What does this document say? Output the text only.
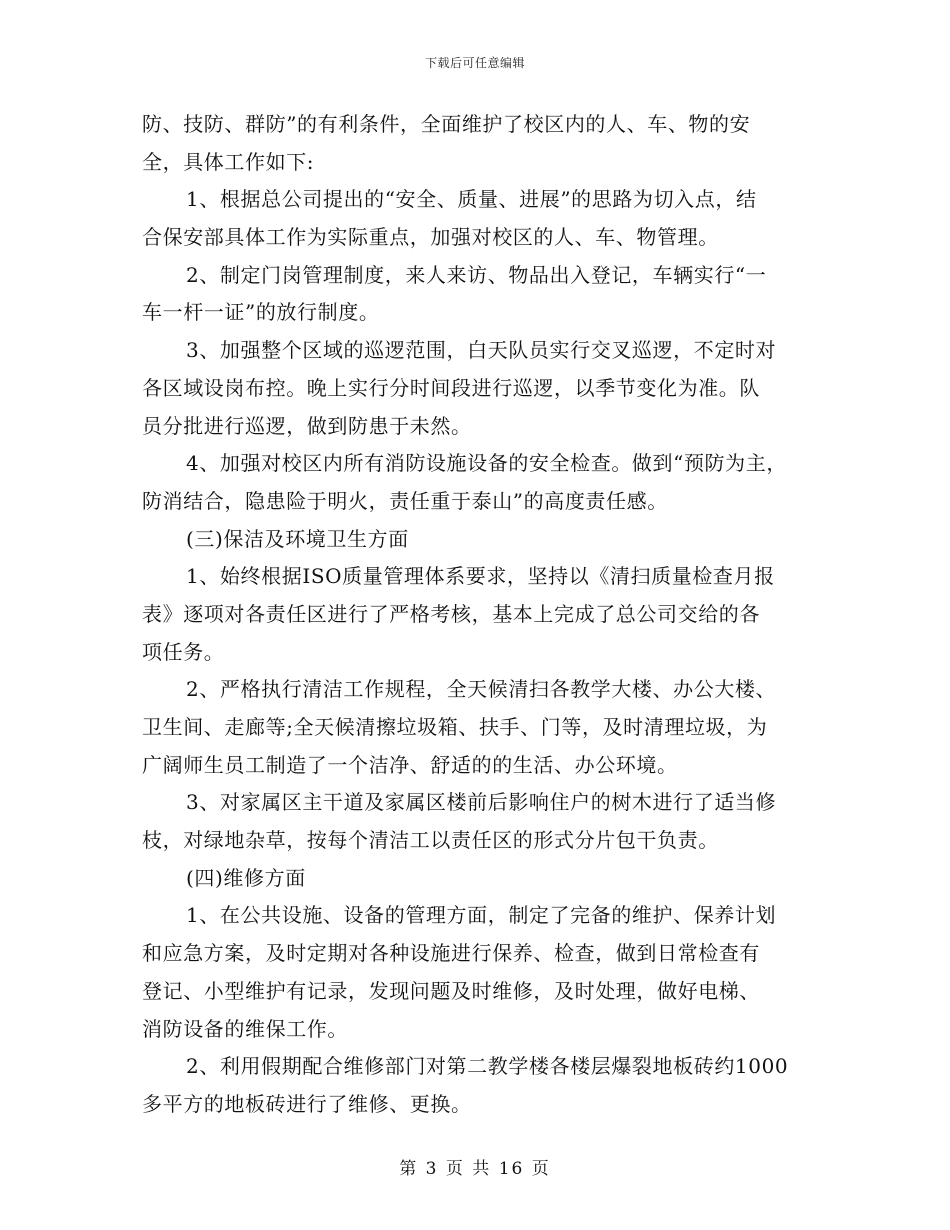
下载后可任意编辑
防、技防、群防”的有利条件，全面维护了校区内的人、车、物的安
全，具体工作如下:
1、根据总公司提出的“安全、质量、进展”的思路为切入点，结
合保安部具体工作为实际重点，加强对校区的人、车、物管理。
2、制定门岗管理制度，来人来访、物品出入登记，车辆实行“一
车一杆一证”的放行制度。
3、加强整个区域的巡逻范围，白天队员实行交叉巡逻，不定时对
各区域设岗布控。晚上实行分时间段进行巡逻，以季节变化为准。队
员分批进行巡逻，做到防患于未然。
4、加强对校区内所有消防设施设备的安全检查。做到“预防为主，
防消结合，隐患险于明火，责任重于泰山”的高度责任感。
(三)保洁及环境卫生方面
1、始终根据ISO质量管理体系要求，坚持以《清扫质量检查月报
表》逐项对各责任区进行了严格考核，基本上完成了总公司交给的各
项任务。
2、严格执行清洁工作规程，全天候清扫各教学大楼、办公大楼、
卫生间、走廊等;全天候清擦垃圾箱、扶手、门等，及时清理垃圾，为
广阔师生员工制造了一个洁净、舒适的的生活、办公环境。
3、对家属区主干道及家属区楼前后影响住户的树木进行了适当修
枝，对绿地杂草，按每个清洁工以责任区的形式分片包干负责。
(四)维修方面
1、在公共设施、设备的管理方面，制定了完备的维护、保养计划
和应急方案，及时定期对各种设施进行保养、检查，做到日常检查有
登记、小型维护有记录，发现问题及时维修，及时处理，做好电梯、
消防设备的维保工作。
2、利用假期配合维修部门对第二教学楼各楼层爆裂地板砖约1000
多平方的地板砖进行了维修、更换。
第 3 页 共 16 页
